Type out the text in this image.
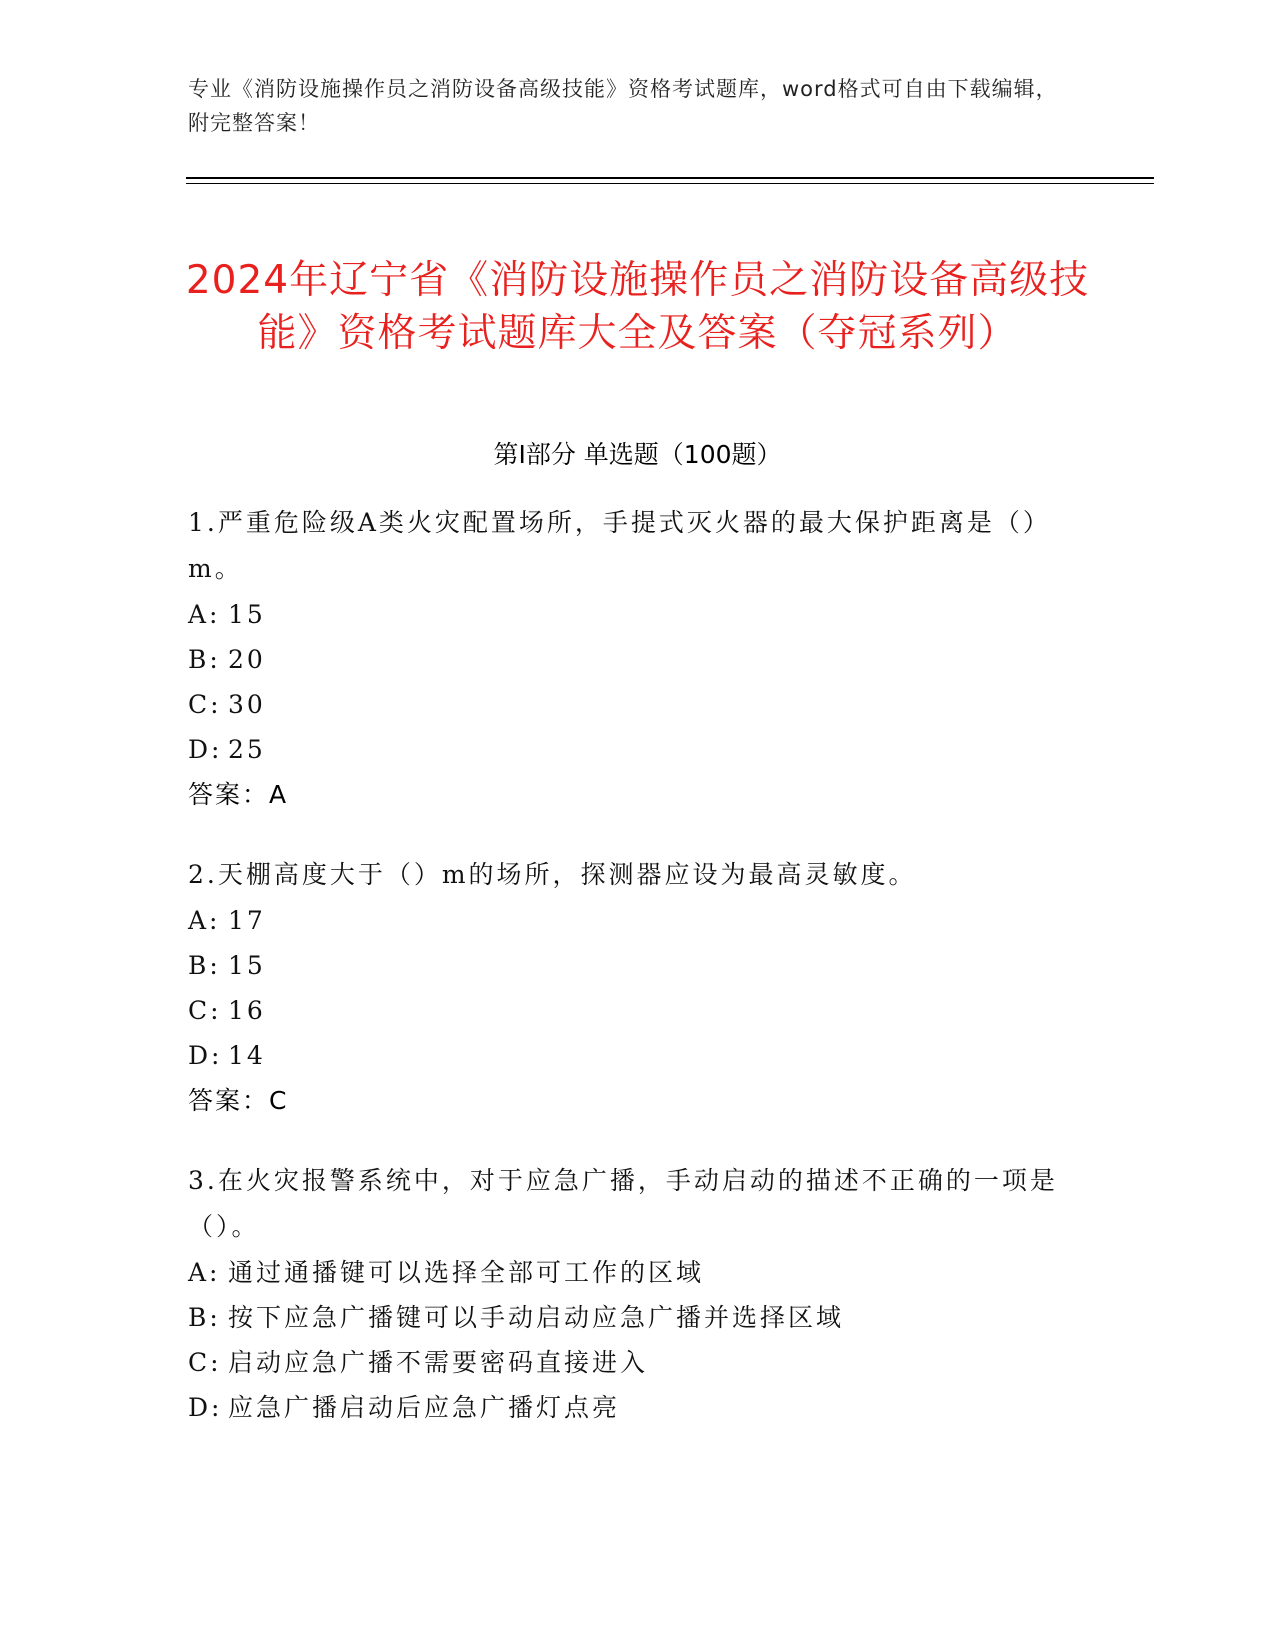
专业《消防设施操作员之消防设备高级技能》资格考试题库，word格式可自由下载编辑，附完整答案！
2024年辽宁省《消防设施操作员之消防设备高级技能》资格考试题库大全及答案（夺冠系列）
第I部分 单选题（100题）

1.严重危险级A类火灾配置场所，手提式灭火器的最大保护距离是（）m。

A: 15
B: 20
C: 30
D: 25
答案：A

2.天棚高度大于（）m的场所，探测器应设为最高灵敏度。

A: 17
B: 15
C: 16
D: 14
答案：C

3.在火灾报警系统中，对于应急广播，手动启动的描述不正确的一项是（）。

A: 通过通播键可以选择全部可工作的区域
B: 按下应急广播键可以手动启动应急广播并选择区域
C: 启动应急广播不需要密码直接进入
D: 应急广播启动后应急广播灯点亮
